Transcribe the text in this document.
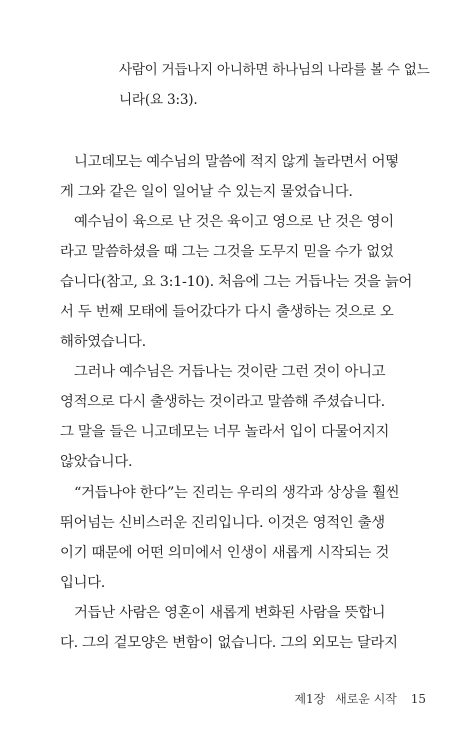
사람이 거듭나지 아니하면 하나님의 나라를 볼 수 없느
니라(요 3:3).
니고데모는 예수님의 말씀에 적지 않게 놀라면서 어떻
게 그와 같은 일이 일어날 수 있는지 물었습니다.
예수님이 육으로 난 것은 육이고 영으로 난 것은 영이
라고 말씀하셨을 때 그는 그것을 도무지 믿을 수가 없었
습니다(참고, 요 3:1-10). 처음에 그는 거듭나는 것을 늙어
서 두 번째 모태에 들어갔다가 다시 출생하는 것으로 오
해하였습니다.
그러나 예수님은 거듭나는 것이란 그런 것이 아니고
영적으로 다시 출생하는 것이라고 말씀해 주셨습니다.
그 말을 들은 니고데모는 너무 놀라서 입이 다물어지지
않았습니다.
“거듭나야 한다”는 진리는 우리의 생각과 상상을 훨씬
뛰어넘는 신비스러운 진리입니다. 이것은 영적인 출생
이기 때문에 어떤 의미에서 인생이 새롭게 시작되는 것
입니다.
거듭난 사람은 영혼이 새롭게 변화된 사람을 뜻합니
다. 그의 겉모양은 변함이 없습니다. 그의 외모는 달라지
제1장 새로운 시작 15
